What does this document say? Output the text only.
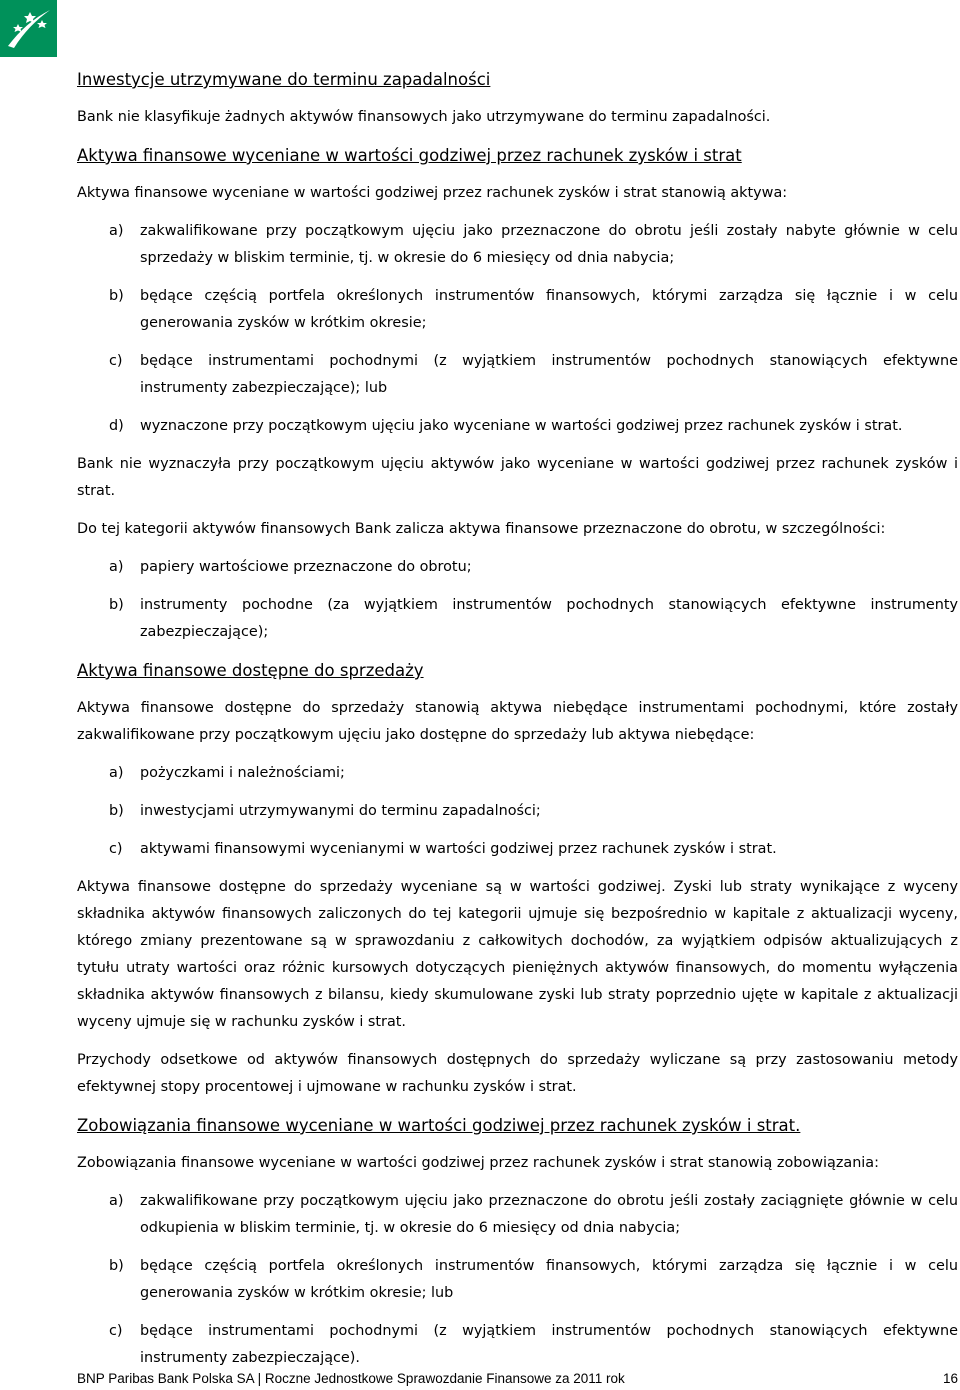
Inwestycje utrzymywane do terminu zapadalności

Bank nie klasyfikuje żadnych aktywów finansowych jako utrzymywane do terminu zapadalności.

Aktywa finansowe wyceniane w wartości godziwej przez rachunek zysków i strat

Aktywa finansowe wyceniane w wartości godziwej przez rachunek zysków i strat stanowią aktywa:

a) zakwalifikowane przy początkowym ujęciu jako przeznaczone do obrotu jeśli zostały nabyte głównie w celu sprzedaży w bliskim terminie, tj. w okresie do 6 miesięcy od dnia nabycia;
b) będące częścią portfela określonych instrumentów finansowych, którymi zarządza się łącznie i w celu generowania zysków w krótkim okresie;
c) będące instrumentami pochodnymi (z wyjątkiem instrumentów pochodnych stanowiących efektywne instrumenty zabezpieczające); lub
d) wyznaczone przy początkowym ujęciu jako wyceniane w wartości godziwej przez rachunek zysków i strat.

Bank nie wyznaczyła przy początkowym ujęciu aktywów jako wyceniane w wartości godziwej przez rachunek zysków i strat.

Do tej kategorii aktywów finansowych Bank zalicza aktywa finansowe przeznaczone do obrotu, w szczególności:

a) papiery wartościowe przeznaczone do obrotu;
b) instrumenty pochodne (za wyjątkiem instrumentów pochodnych stanowiących efektywne instrumenty zabezpieczające);

Aktywa finansowe dostępne do sprzedaży

Aktywa finansowe dostępne do sprzedaży stanowią aktywa niebędące instrumentami pochodnymi, które zostały zakwalifikowane przy początkowym ujęciu jako dostępne do sprzedaży lub aktywa niebędące:

a) pożyczkami i należnościami;
b) inwestycjami utrzymywanymi do terminu zapadalności;
c) aktywami finansowymi wycenianymi w wartości godziwej przez rachunek zysków i strat.

Aktywa finansowe dostępne do sprzedaży wyceniane są w wartości godziwej. Zyski lub straty wynikające z wyceny składnika aktywów finansowych zaliczonych do tej kategorii ujmuje się bezpośrednio w kapitale z aktualizacji wyceny, którego zmiany prezentowane są w sprawozdaniu z całkowitych dochodów, za wyjątkiem odpisów aktualizujących z tytułu utraty wartości oraz różnic kursowych dotyczących pieniężnych aktywów finansowych, do momentu wyłączenia składnika aktywów finansowych z bilansu, kiedy skumulowane zyski lub straty poprzednio ujęte w kapitale z aktualizacji wyceny ujmuje się w rachunku zysków i strat.

Przychody odsetkowe od aktywów finansowych dostępnych do sprzedaży wyliczane są przy zastosowaniu metody efektywnej stopy procentowej i ujmowane w rachunku zysków i strat.

Zobowiązania finansowe wyceniane w wartości godziwej przez rachunek zysków i strat.

Zobowiązania finansowe wyceniane w wartości godziwej przez rachunek zysków i strat stanowią zobowiązania:

a) zakwalifikowane przy początkowym ujęciu jako przeznaczone do obrotu jeśli zostały zaciągnięte głównie w celu odkupienia w bliskim terminie, tj. w okresie do 6 miesięcy od dnia nabycia;
b) będące częścią portfela określonych instrumentów finansowych, którymi zarządza się łącznie i w celu generowania zysków w krótkim okresie; lub
c) będące instrumentami pochodnymi (z wyjątkiem instrumentów pochodnych stanowiących efektywne instrumenty zabezpieczające).
BNP Paribas Bank Polska SA | Roczne Jednostkowe Sprawozdanie Finansowe za 2011 rok	16
